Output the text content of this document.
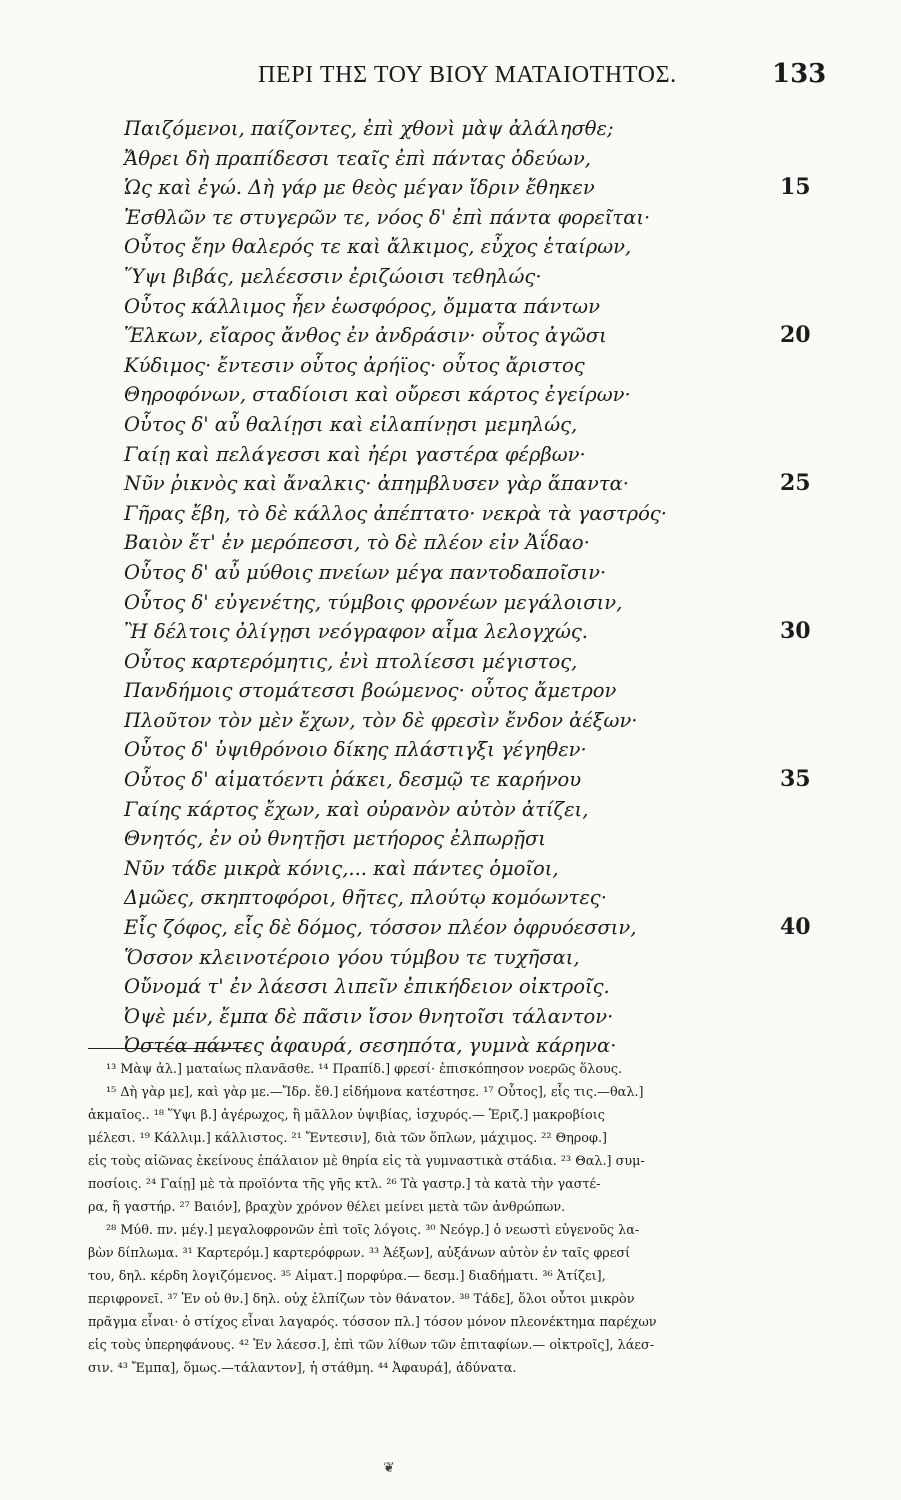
ΠΕΡΙ ΤΗΣ ΤΟΥ ΒΙΟΥ ΜΑΤΑΙΟΤΗΤΟΣ.	133
Παιζόμενοι, παίζοντες, ἐπὶ χθονὶ μὰψ ἀλάλησθε;
Ἄθρει δὴ πραπίδεσσι τεαῖς ἐπὶ πάντας ὁδεύων,
Ὡς καὶ ἐγώ. Δὴ γάρ με θεὸς μέγαν ἴδριν ἔθηκεν	15
Ἐσθλῶν τε στυγερῶν τε, νόος δ' ἐπὶ πάντα φορεῖται·
Οὗτος ἔην θαλερός τε καὶ ἄλκιμος, εὖχος ἑταίρων,
Ὕψι βιβάς, μελέεσσιν ἐριζώοισι τεθηλώς·
Οὗτος κάλλιμος ἦεν ἑωσφόρος, ὄμματα πάντων
Ἕλκων, εἴαρος ἄνθος ἐν ἀνδράσιν· οὗτος ἀγῶσι	20
Κύδιμος· ἔντεσιν οὗτος ἀρήϊος· οὗτος ἄριστος
Θηροφόνων, σταδίοισι καὶ οὔρεσι κάρτος ἐγείρων·
Οὗτος δ' αὖ θαλίῃσι καὶ εἰλαπίνῃσι μεμηλώς,
Γαίῃ καὶ πελάγεσσι καὶ ἠέρι γαστέρα φέρβων·
Νῦν ῥικνὸς καὶ ἄναλκις· ἀπημβλυσεν γὰρ ἅπαντα·	25
Γῆρας ἔβη, τὸ δὲ κάλλος ἀπέπτατο· νεκρὰ τὰ γαστρός·
Βαιὸν ἔτ' ἐν μερόπεσσι, τὸ δὲ πλέον εἰν Ἀΐδαο·
Οὗτος δ' αὖ μύθοις πνείων μέγα παντοδαποῖσιν·
Οὗτος δ' εὐγενέτης, τύμβοις φρονέων μεγάλοισιν,
Ἢ δέλτοις ὀλίγῃσι νεόγραφον αἷμα λελογχώς.	30
Οὗτος καρτερόμητις, ἐνὶ πτολίεσσι μέγιστος,
Πανδήμοις στομάτεσσι βοώμενος· οὗτος ἄμετρον
Πλοῦτον τὸν μὲν ἔχων, τὸν δὲ φρεσὶν ἔνδον ἀέξων·
Οὗτος δ' ὑψιθρόνοιο δίκης πλάστιγξι γέγηθεν·
Οὗτος δ' αἱματόεντι ῥάκει, δεσμῷ τε καρήνου	35
Γαίης κάρτος ἔχων, καὶ οὐρανὸν αὐτὸν ἀτίζει,
Θνητός, ἐν οὐ θνητῇσι μετήορος ἐλπωρῇσι
Νῦν τάδε μικρὰ κόνις,... καὶ πάντες ὁμοῖοι,
Δμῶες, σκηπτοφόροι, θῆτες, πλούτῳ κομόωντες·
Εἷς ζόφος, εἷς δὲ δόμος, τόσσον πλέον ὀφρυόεσσιν,	40
Ὅσσον κλεινοτέροιο γόου τύμβου τε τυχῆσαι,
Οὔνομά τ' ἐν λάεσσι λιπεῖν ἐπικήδειον οἰκτροῖς.
Ὀψὲ μέν, ἔμπα δὲ πᾶσιν ἴσον θνητοῖσι τάλαντον·
Ὀστέα πάντες ἀφαυρά, σεσηπότα, γυμνὰ κάρηνα·
¹³ Μὰψ ἀλ.] ματαίως πλανᾶσθε. ¹⁴ Πραπίδ.] φρεσί· ἐπισκόπησον νοερῶς ὅλους.
¹⁵ Δὴ γὰρ με], καὶ γὰρ με.—Ἴδρ. ἔθ.] εἰδήμονα κατέστησε. ¹⁷ Οὗτος], εἷς τις.—θαλ.]
ἀκμαῖος.. ¹⁸ Ὕψι β.] ἀγέρωχος, ἢ μᾶλλον ὑψιβίας, ἰσχυρός.— Ἐριζ.] μακροβίοις
μέλεσι. ¹⁹ Κάλλιμ.] κάλλιστος. ²¹ Ἔντεσιν], διὰ τῶν ὅπλων, μάχιμος. ²² Θηροφ.]
εἰς τοὺς αἰῶνας ἐκείνους ἐπάλαιον μὲ θηρία εἰς τὰ γυμναστικὰ στάδια. ²³ Θαλ.] συμ-
ποσίοις. ²⁴ Γαίῃ] μὲ τὰ προϊόντα τῆς γῆς κτλ. ²⁶ Τὰ γαστρ.] τὰ κατὰ τὴν γαστέ-
ρα, ἢ γαστήρ. ²⁷ Βαιόν], βραχὺν χρόνον θέλει μείνει μετὰ τῶν ἀνθρώπων.
²⁸ Μύθ. πν. μέγ.] μεγαλοφρονῶν ἐπὶ τοῖς λόγοις. ³⁰ Νεόγρ.] ὁ νεωστὶ εὐγενοῦς λα-
βὼν δίπλωμα. ³¹ Καρτερόμ.] καρτερόφρων. ³³ Ἀέξων], αὐξάνων αὐτὸν ἐν ταῖς φρεσί
του, δηλ. κέρδη λογιζόμενος. ³⁵ Αἱματ.] πορφύρα.— δεσμ.] διαδήματι. ³⁶ Ἀτίζει],
περιφρονεῖ. ³⁷ Ἐν οὐ θν.] δηλ. οὐχ ἐλπίζων τὸν θάνατον. ³⁸ Τάδε], ὅλοι οὗτοι μικρὸν
πρᾶγμα εἶναι· ὁ στίχος εἶναι λαγαρός. τόσσον πλ.] τόσον μόνον πλεονέκτημα παρέχων
εἰς τοὺς ὑπερηφάνους. ⁴² Ἐν λάεσσ.], ἐπὶ τῶν λίθων τῶν ἐπιταφίων.— οἰκτροῖς], λάεσ-
σιν. ⁴³ Ἔμπα], ὅμως.—τάλαντον], ἡ στάθμη. ⁴⁴ Ἀφαυρά], ἀδύνατα.
❦
